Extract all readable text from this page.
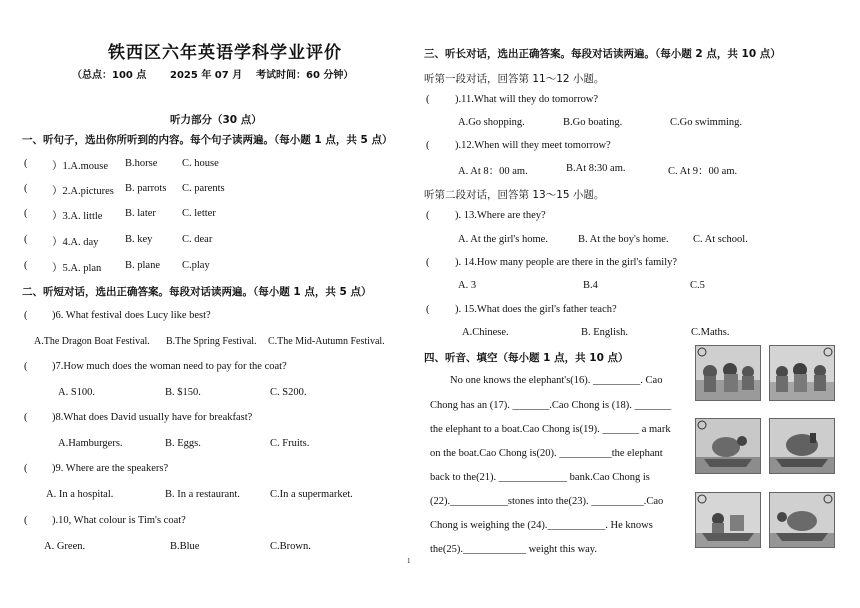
铁西区六年英语学科学业评价
（总点：100 点 2025 年 07 月 考试时间：60 分钟）
听力部分（30 点）
一、听句子，选出你所听到的内容。每个句子读两遍。（每小题 1 点，共 5 点）
( ）1.A.mouse B.horse C. house
( ）2.A.pictures B. parrots C. parents
( ）3.A. little B. later C. letter
( ）4.A. day	B. key	C. dear
( ）5.A. plan B. plane C.play
二、听短对话，选出正确答案。每段对话读两遍。（每小题 1 点，共 5 点）
( )6. What festival does Lucy like best?
A.The Dragon Boat Festival. B.The Spring Festival. C.The Mid-Autumn Festival.
( )7.How much does the woman need to pay for the coat?
A. S100.	B. $150.	C. S200.
( )8.What does David usually have for breakfast?
A.Hamburgers.	B. Eggs.	C. Fruits.
( )9. Where are the speakers?
A. In a hospital.	B. In a restaurant.	C.In a supermarket.
( ).10, What colour is Tim's coat?
A. Green.	B.Blue	C.Brown.
三、听长对话，选出正确答案。每段对话读两遍。（每小题 2 点，共 10 点）
听第一段对话，回答第 11～12 小题。
( ).11.What will they do tomorrow?
A.Go shopping.	B.Go boating.	C.Go swimming.
( ).12.When will they meet tomorrow?
A. At 8：00 am.	B.At 8:30 am.	C. At 9：00 am.
听第二段对话，回答第 13～15 小题。
( ). 13.Where are they?
A. At the girl's home.	B. At the boy's home. C. At school.
( ). 14.How many people are there in the girl's family?
A. 3	B.4	C.5
( ). 15.What does the girl's father teach?
A.Chinese.	B. English.	C.Maths.
四、听音、填空（每小题 1 点，共 10 点）
No one knows the elephant's(16). _________. Cao
Chong has an (17). _______.Cao Chong is (18). _______
the elephant to a boat.Cao Chong is(19). _______ a mark
on the boat.Cao Chong is(20). __________the elephant
back to the(21). _____________ bank.Cao Chong is
(22).___________stones into the(23). __________.Cao
Chong is weighing the (24).___________. He knows
the(25).____________ weight this way.
1
